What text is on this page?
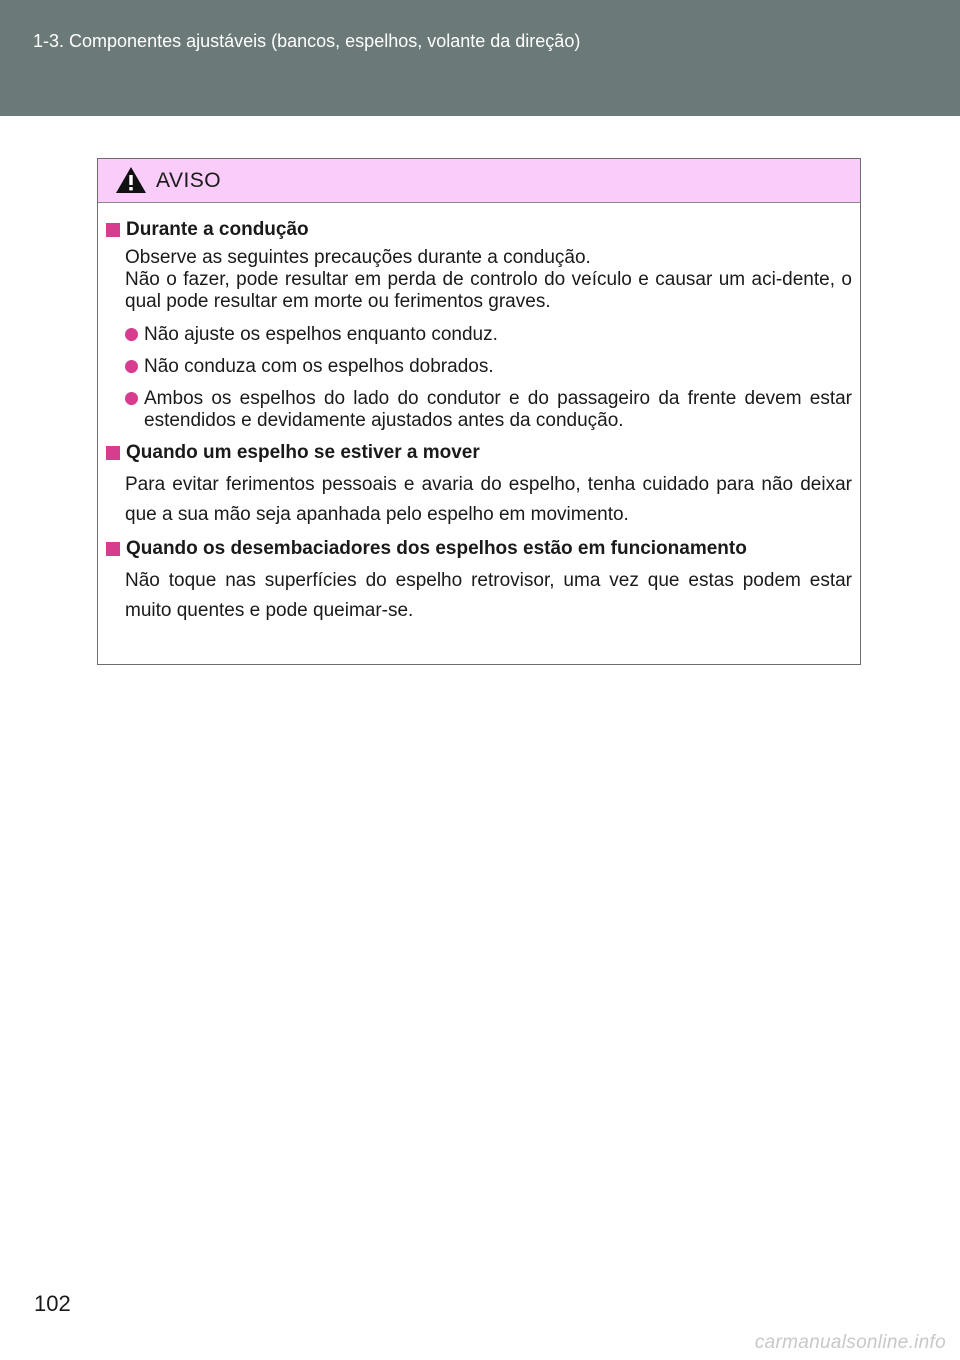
1-3. Componentes ajustáveis (bancos, espelhos, volante da direção)
AVISO
Durante a condução
Observe as seguintes precauções durante a condução.
Não o fazer, pode resultar em perda de controlo do veículo e causar um aci-dente, o qual pode resultar em morte ou ferimentos graves.
Não ajuste os espelhos enquanto conduz.
Não conduza com os espelhos dobrados.
Ambos os espelhos do lado do condutor e do passageiro da frente devem estar estendidos e devidamente ajustados antes da condução.
Quando um espelho se estiver a mover
Para evitar ferimentos pessoais e avaria do espelho, tenha cuidado para não deixar que a sua mão seja apanhada pelo espelho em movimento.
Quando os desembaciadores dos espelhos estão em funcionamento
Não toque nas superfícies do espelho retrovisor, uma vez que estas podem estar muito quentes e pode queimar-se.
102
carmanualsonline.info
